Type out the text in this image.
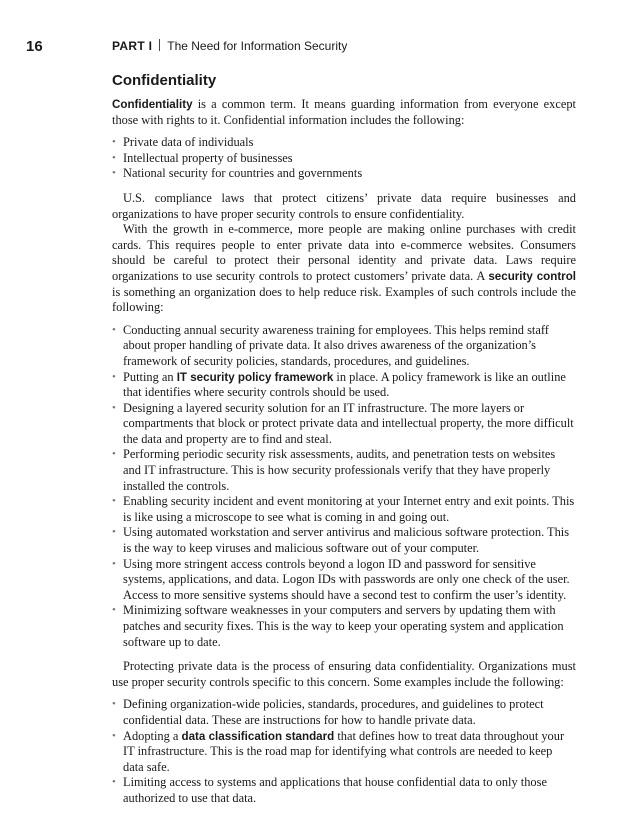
16	PART I The Need for Information Security
Confidentiality

Confidentiality is a common term. It means guarding information from everyone except those with rights to it. Confidential information includes the following:

• Private data of individuals
• Intellectual property of businesses
• National security for countries and governments

U.S. compliance laws that protect citizens’ private data require businesses and organizations to have proper security controls to ensure confidentiality.

With the growth in e-commerce, more people are making online purchases with credit cards. This requires people to enter private data into e-commerce websites. Consumers should be careful to protect their personal identity and private data. Laws require organizations to use security controls to protect customers’ private data. A security control is something an organization does to help reduce risk. Examples of such controls include the following:

• Conducting annual security awareness training for employees. This helps remind staff about proper handling of private data. It also drives awareness of the organization’s framework of security policies, standards, procedures, and guidelines.
• Putting an IT security policy framework in place. A policy framework is like an outline that identifies where security controls should be used.
• Designing a layered security solution for an IT infrastructure. The more layers or compartments that block or protect private data and intellectual property, the more difficult the data and property are to find and steal.
• Performing periodic security risk assessments, audits, and penetration tests on websites and IT infrastructure. This is how security professionals verify that they have properly installed the controls.
• Enabling security incident and event monitoring at your Internet entry and exit points. This is like using a microscope to see what is coming in and going out.
• Using automated workstation and server antivirus and malicious software protection. This is the way to keep viruses and malicious software out of your computer.
• Using more stringent access controls beyond a logon ID and password for sensitive systems, applications, and data. Logon IDs with passwords are only one check of the user. Access to more sensitive systems should have a second test to confirm the user’s identity.
• Minimizing software weaknesses in your computers and servers by updating them with patches and security fixes. This is the way to keep your operating system and application software up to date.

Protecting private data is the process of ensuring data confidentiality. Organizations must use proper security controls specific to this concern. Some examples include the following:

• Defining organization-wide policies, standards, procedures, and guidelines to protect confidential data. These are instructions for how to handle private data.
• Adopting a data classification standard that defines how to treat data throughout your IT infrastructure. This is the road map for identifying what controls are needed to keep data safe.
• Limiting access to systems and applications that house confidential data to only those authorized to use that data.
